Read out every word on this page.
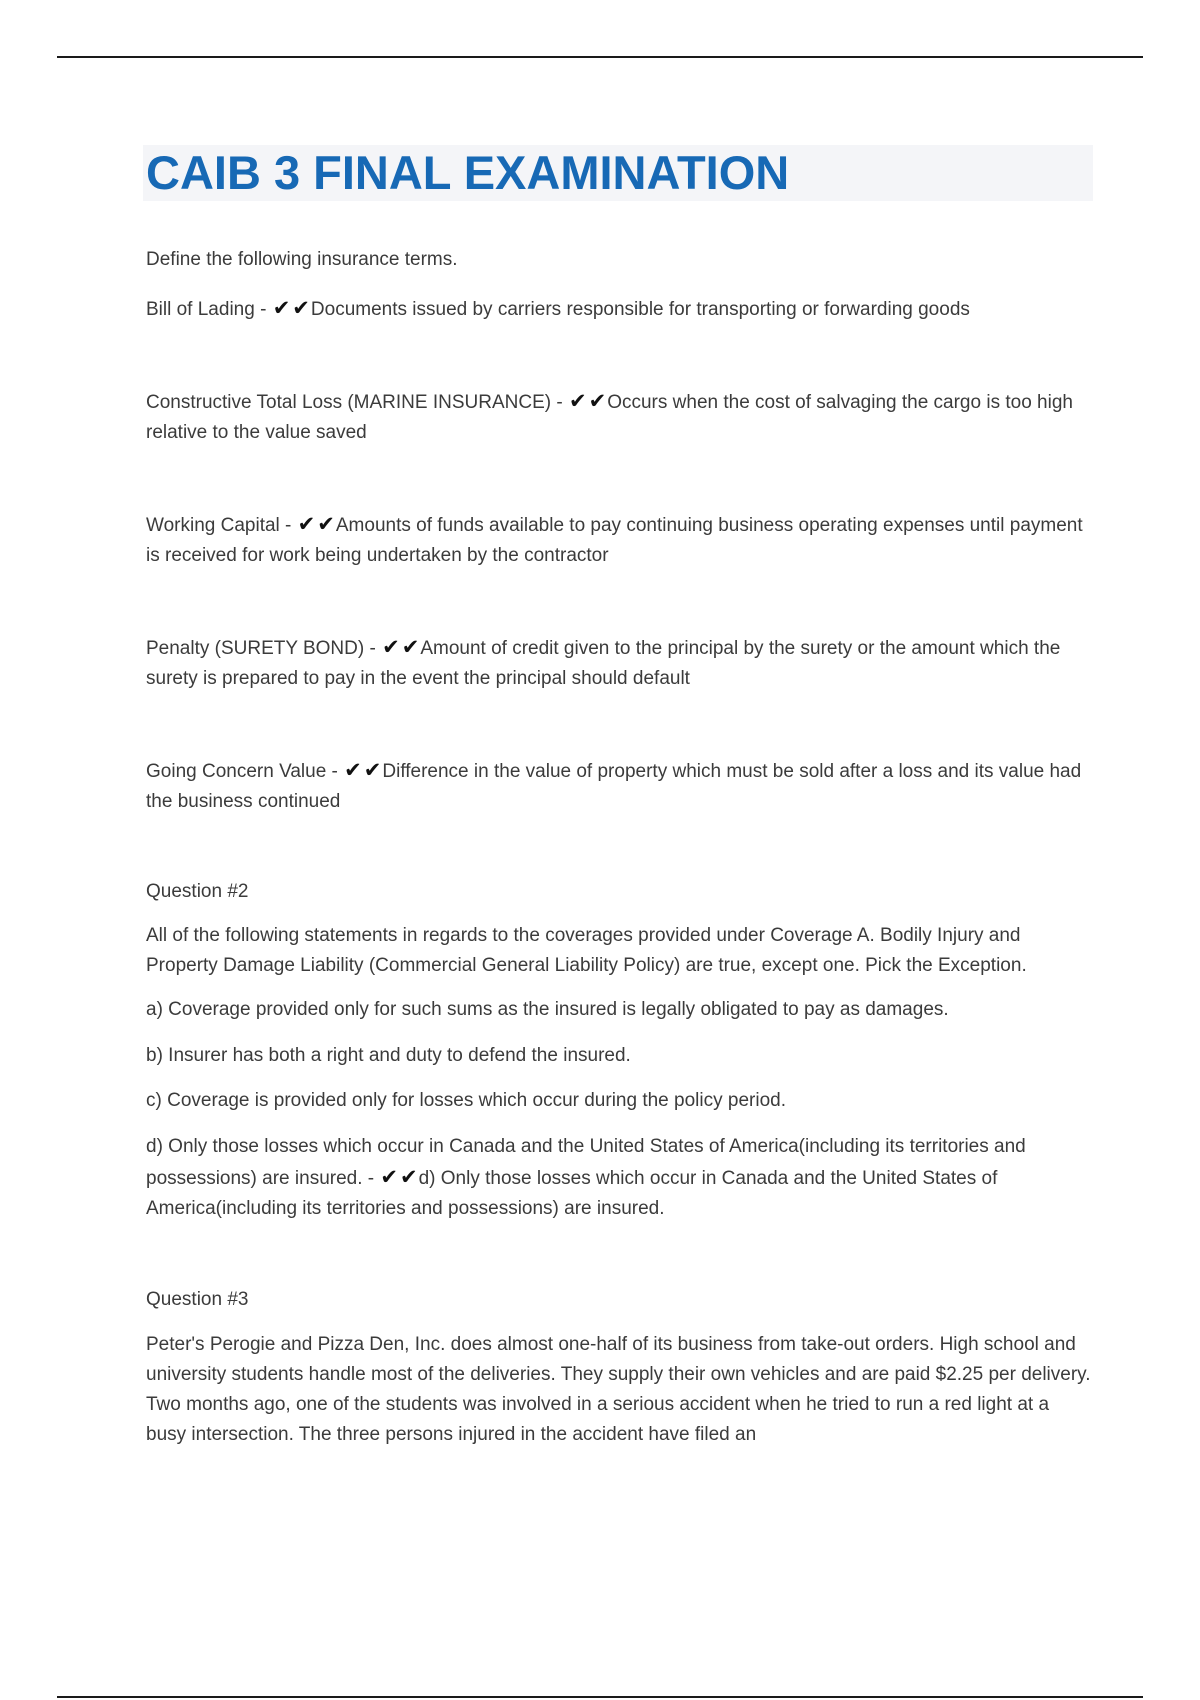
CAIB 3 FINAL EXAMINATION

Define the following insurance terms.

Bill of Lading - ✔✔Documents issued by carriers responsible for transporting or forwarding goods

Constructive Total Loss (MARINE INSURANCE) - ✔✔Occurs when the cost of salvaging the cargo is too high relative to the value saved

Working Capital - ✔✔Amounts of funds available to pay continuing business operating expenses until payment is received for work being undertaken by the contractor

Penalty (SURETY BOND) - ✔✔Amount of credit given to the principal by the surety or the amount which the surety is prepared to pay in the event the principal should default

Going Concern Value - ✔✔Difference in the value of property which must be sold after a loss and its value had the business continued

Question #2

All of the following statements in regards to the coverages provided under Coverage A. Bodily Injury and Property Damage Liability (Commercial General Liability Policy) are true, except one. Pick the Exception.

a) Coverage provided only for such sums as the insured is legally obligated to pay as damages.

b) Insurer has both a right and duty to defend the insured.

c) Coverage is provided only for losses which occur during the policy period.

d) Only those losses which occur in Canada and the United States of America(including its territories and possessions) are insured. - ✔✔d) Only those losses which occur in Canada and the United States of America(including its territories and possessions) are insured.

Question #3

Peter's Perogie and Pizza Den, Inc. does almost one-half of its business from take-out orders. High school and university students handle most of the deliveries. They supply their own vehicles and are paid $2.25 per delivery. Two months ago, one of the students was involved in a serious accident when he tried to run a red light at a busy intersection. The three persons injured in the accident have filed an
